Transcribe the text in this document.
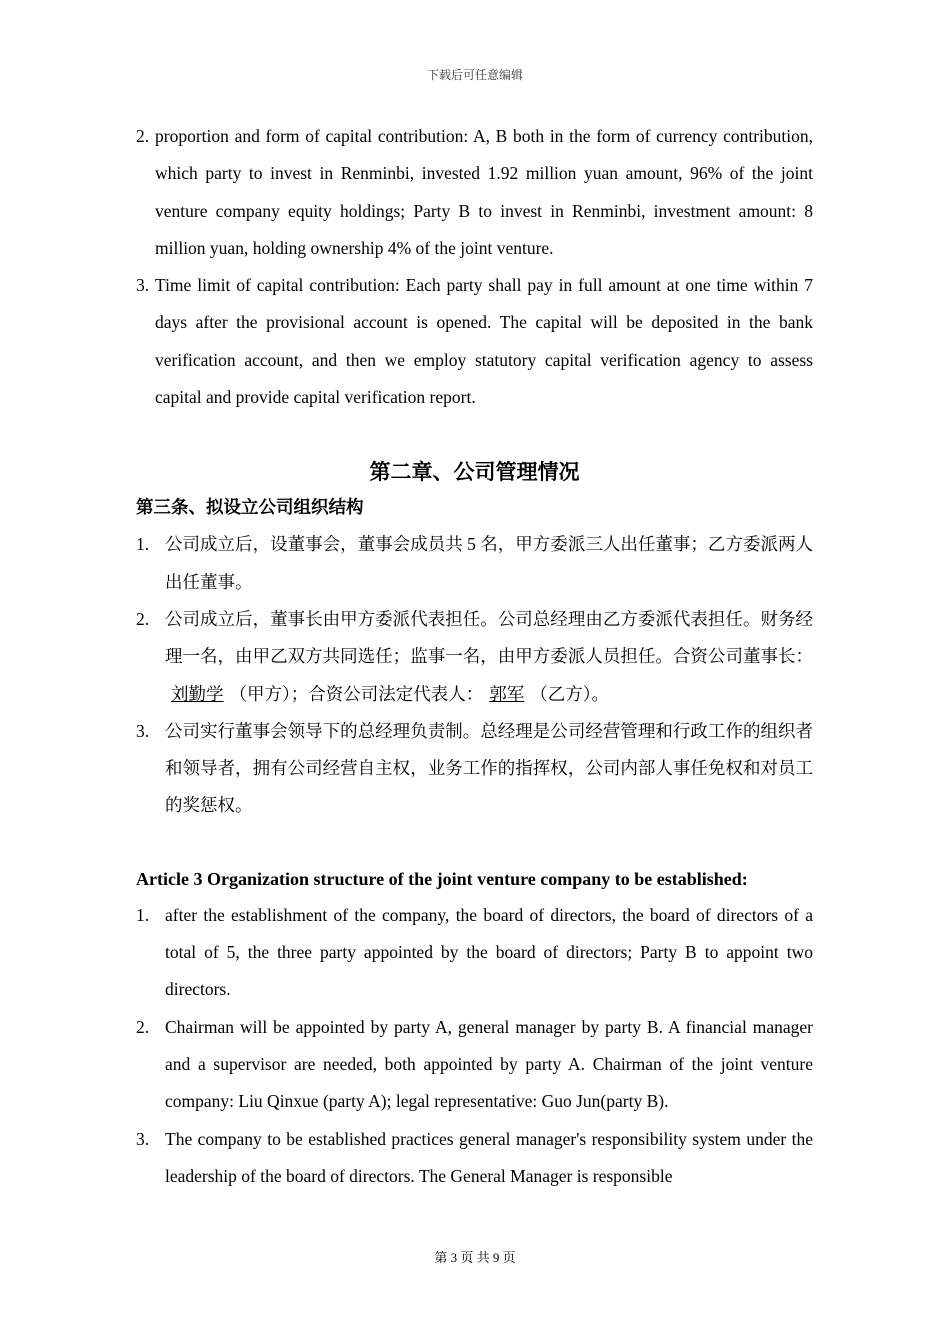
下载后可任意编辑
2. proportion and form of capital contribution: A, B both in the form of currency contribution, which party to invest in Renminbi, invested 1.92 million yuan amount, 96% of the joint venture company equity holdings; Party B to invest in Renminbi, investment amount: 8 million yuan, holding ownership 4% of the joint venture.
3. Time limit of capital contribution: Each party shall pay in full amount at one time within 7 days after the provisional account is opened. The capital will be deposited in the bank verification account, and then we employ statutory capital verification agency to assess capital and provide capital verification report.
第二章、公司管理情况
第三条、拟设立公司组织结构
1. 公司成立后，设董事会，董事会成员共 5 名，甲方委派三人出任董事；乙方委派两人出任董事。
2. 公司成立后，董事长由甲方委派代表担任。公司总经理由乙方委派代表担任。财务经理一名，由甲乙双方共同选任；监事一名，由甲方委派人员担任。合资公司董事长：刘勤学 （甲方）；合资公司法定代表人： 郭军 （乙方）。
3. 公司实行董事会领导下的总经理负责制。总经理是公司经营管理和行政工作的组织者和领导者，拥有公司经营自主权，业务工作的指挥权，公司内部人事任免权和对员工的奖惩权。
Article 3 Organization structure of the joint venture company to be established:
1. after the establishment of the company, the board of directors, the board of directors of a total of 5, the three party appointed by the board of directors; Party B to appoint two directors.
2. Chairman will be appointed by party A, general manager by party B. A financial manager and a supervisor are needed, both appointed by party A. Chairman of the joint venture company: Liu Qinxue (party A); legal representative: Guo Jun(party B).
3. The company to be established practices general manager's responsibility system under the leadership of the board of directors. The General Manager is responsible
第 3 页 共 9 页
